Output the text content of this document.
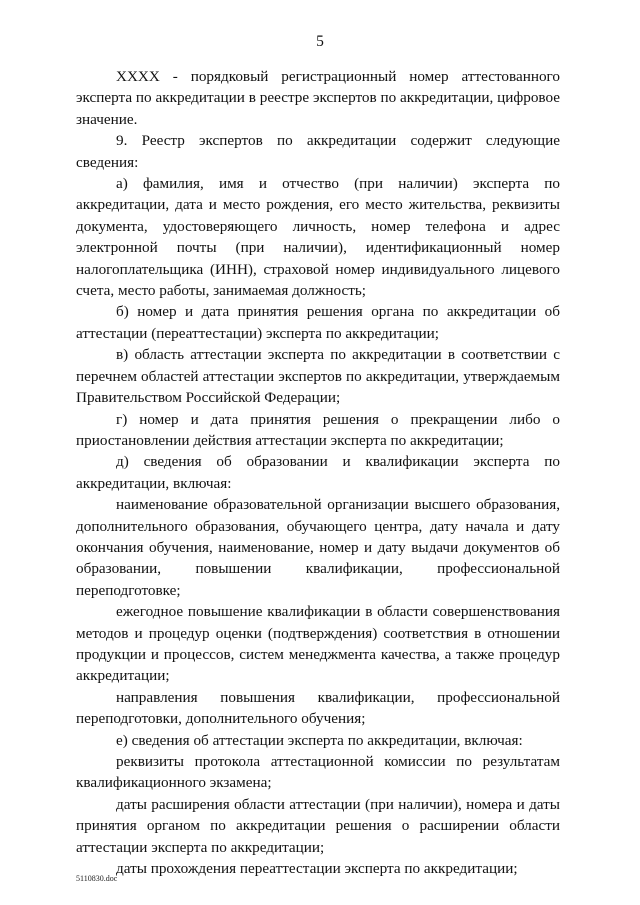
5

XXXX - порядковый регистрационный номер аттестованного эксперта по аккредитации в реестре экспертов по аккредитации, цифровое значение.

9. Реестр экспертов по аккредитации содержит следующие сведения:

а) фамилия, имя и отчество (при наличии) эксперта по аккредитации, дата и место рождения, его место жительства, реквизиты документа, удостоверяющего личность, номер телефона и адрес электронной почты (при наличии), идентификационный номер налогоплательщика (ИНН), страховой номер индивидуального лицевого счета, место работы, занимаемая должность;

б) номер и дата принятия решения органа по аккредитации об аттестации (переаттестации) эксперта по аккредитации;

в) область аттестации эксперта по аккредитации в соответствии с перечнем областей аттестации экспертов по аккредитации, утверждаемым Правительством Российской Федерации;

г) номер и дата принятия решения о прекращении либо о приостановлении действия аттестации эксперта по аккредитации;

д) сведения об образовании и квалификации эксперта по аккредитации, включая:

наименование образовательной организации высшего образования, дополнительного образования, обучающего центра, дату начала и дату окончания обучения, наименование, номер и дату выдачи документов об образовании, повышении квалификации, профессиональной переподготовке;

ежегодное повышение квалификации в области совершенствования методов и процедур оценки (подтверждения) соответствия в отношении продукции и процессов, систем менеджмента качества, а также процедур аккредитации;

направления повышения квалификации, профессиональной переподготовки, дополнительного обучения;

е) сведения об аттестации эксперта по аккредитации, включая:

реквизиты протокола аттестационной комиссии по результатам квалификационного экзамена;

даты расширения области аттестации (при наличии), номера и даты принятия органом по аккредитации решения о расширении области аттестации эксперта по аккредитации;

даты прохождения переаттестации эксперта по аккредитации;

5110830.doc
